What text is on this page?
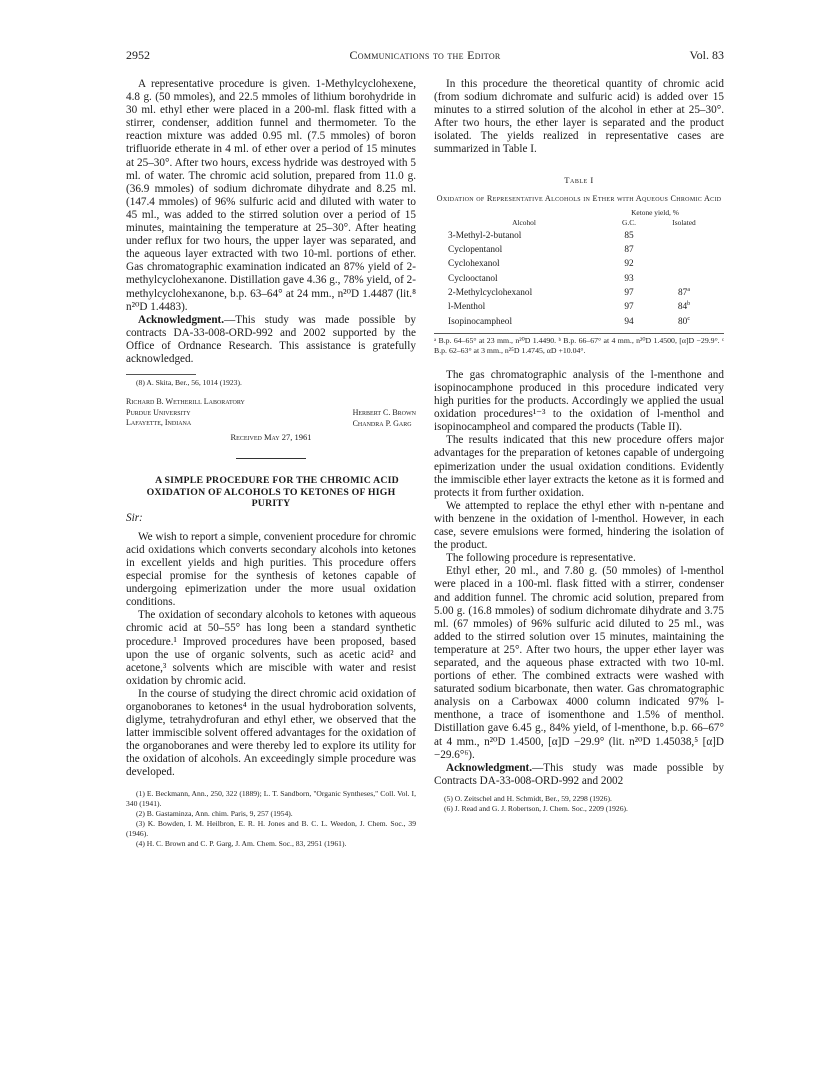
2952	Communications to the Editor	Vol. 83

A representative procedure is given. 1-Methylcyclohexene, 4.8 g. (50 mmoles), and 22.5 mmoles of lithium borohydride in 30 ml. ethyl ether were placed in a 200-ml. flask fitted with a stirrer, condenser, addition funnel and thermometer. To the reaction mixture was added 0.95 ml. (7.5 mmoles) of boron trifluoride etherate in 4 ml. of ether over a period of 15 minutes at 25–30°. After two hours, excess hydride was destroyed with 5 ml. of water. The chromic acid solution, prepared from 11.0 g. (36.9 mmoles) of sodium dichromate dihydrate and 8.25 ml. (147.4 mmoles) of 96% sulfuric acid and diluted with water to 45 ml., was added to the stirred solution over a period of 15 minutes, maintaining the temperature at 25–30°. After heating under reflux for two hours, the upper layer was separated, and the aqueous layer extracted with two 10-ml. portions of ether. Gas chromatographic examination indicated an 87% yield of 2-methylcyclohexanone. Distillation gave 4.36 g., 78% yield, of 2-methylcyclohexanone, b.p. 63–64° at 24 mm., n²⁰D 1.4487 (lit.⁸ n²⁰D 1.4483).

Acknowledgment.—This study was made possible by contracts DA-33-008-ORD-992 and 2002 supported by the Office of Ordnance Research. This assistance is gratefully acknowledged.

(8) A. Skita, Ber., 56, 1014 (1923).

Richard B. Wetherill Laboratory
Purdue University
Lafayette, Indiana
Herbert C. Brown
Chandra P. Garg
Received May 27, 1961

A SIMPLE PROCEDURE FOR THE CHROMIC ACID OXIDATION OF ALCOHOLS TO KETONES OF HIGH PURITY

Sir:

We wish to report a simple, convenient procedure for chromic acid oxidations which converts secondary alcohols into ketones in excellent yields and high purities. This procedure offers especial promise for the synthesis of ketones capable of undergoing epimerization under the more usual oxidation conditions.

The oxidation of secondary alcohols to ketones with aqueous chromic acid at 50–55° has long been a standard synthetic procedure.¹ Improved procedures have been proposed, based upon the use of organic solvents, such as acetic acid² and acetone,³ solvents which are miscible with water and resist oxidation by chromic acid.

In the course of studying the direct chromic acid oxidation of organoboranes to ketones⁴ in the usual hydroboration solvents, diglyme, tetrahydrofuran and ethyl ether, we observed that the latter immiscible solvent offered advantages for the oxidation of the organoboranes and were thereby led to explore its utility for the oxidation of alcohols. An exceedingly simple procedure was developed.

(1) E. Beckmann, Ann., 250, 322 (1889); L. T. Sandborn, "Organic Syntheses," Coll. Vol. I, 340 (1941).

(2) B. Gastaminza, Ann. chim. Paris, 9, 257 (1954).

(3) K. Bowden, I. M. Heilbron, E. R. H. Jones and B. C. L. Weedon, J. Chem. Soc., 39 (1946).

(4) H. C. Brown and C. P. Garg, J. Am. Chem. Soc., 83, 2951 (1961).

In this procedure the theoretical quantity of chromic acid (from sodium dichromate and sulfuric acid) is added over 15 minutes to a stirred solution of the alcohol in ether at 25–30°. After two hours, the ether layer is separated and the product isolated. The yields realized in representative cases are summarized in Table I.

Table I
Oxidation of Representative Alcohols in Ether with Aqueous Chromic Acid
Alcohol	Ketone yield, %	
	G.C.	Isolated
3-Methyl-2-butanol	85	
Cyclopentanol	87	
Cyclohexanol	92	
Cyclooctanol	93	
2-Methylcyclohexanol	97	87$^a$
l-Menthol	97	84$^b$
Isopinocampheol	94	80$^c$
ᵃ B.p. 64–65° at 23 mm., n²⁰D 1.4490. ᵇ B.p. 66–67° at 4 mm., n²⁰D 1.4500, [α]D −29.9°. ᶜ B.p. 62–63° at 3 mm., n²⁵D 1.4745, αD +10.04°.

The gas chromatographic analysis of the l-menthone and isopinocamphone produced in this procedure indicated very high purities for the products. Accordingly we applied the usual oxidation procedures¹⁻³ to the oxidation of l-menthol and isopinocampheol and compared the products (Table II).

The results indicated that this new procedure offers major advantages for the preparation of ketones capable of undergoing epimerization under the usual oxidation conditions. Evidently the immiscible ether layer extracts the ketone as it is formed and protects it from further oxidation.

We attempted to replace the ethyl ether with n-pentane and with benzene in the oxidation of l-menthol. However, in each case, severe emulsions were formed, hindering the isolation of the product.

The following procedure is representative.

Ethyl ether, 20 ml., and 7.80 g. (50 mmoles) of l-menthol were placed in a 100-ml. flask fitted with a stirrer, condenser and addition funnel. The chromic acid solution, prepared from 5.00 g. (16.8 mmoles) of sodium dichromate dihydrate and 3.75 ml. (67 mmoles) of 96% sulfuric acid diluted to 25 ml., was added to the stirred solution over 15 minutes, maintaining the temperature at 25°. After two hours, the upper ether layer was separated, and the aqueous phase extracted with two 10-ml. portions of ether. The combined extracts were washed with saturated sodium bicarbonate, then water. Gas chromatographic analysis on a Carbowax 4000 column indicated 97% l-menthone, a trace of isomenthone and 1.5% of menthol. Distillation gave 6.45 g., 84% yield, of l-menthone, b.p. 66–67° at 4 mm., n²⁰D 1.4500, [α]D −29.9° (lit. n²⁰D 1.45038,⁵ [α]D −29.6°⁶).

Acknowledgment.—This study was made possible by Contracts DA-33-008-ORD-992 and 2002

(5) O. Zeitschel and H. Schmidt, Ber., 59, 2298 (1926).

(6) J. Read and G. J. Robertson, J. Chem. Soc., 2209 (1926).
